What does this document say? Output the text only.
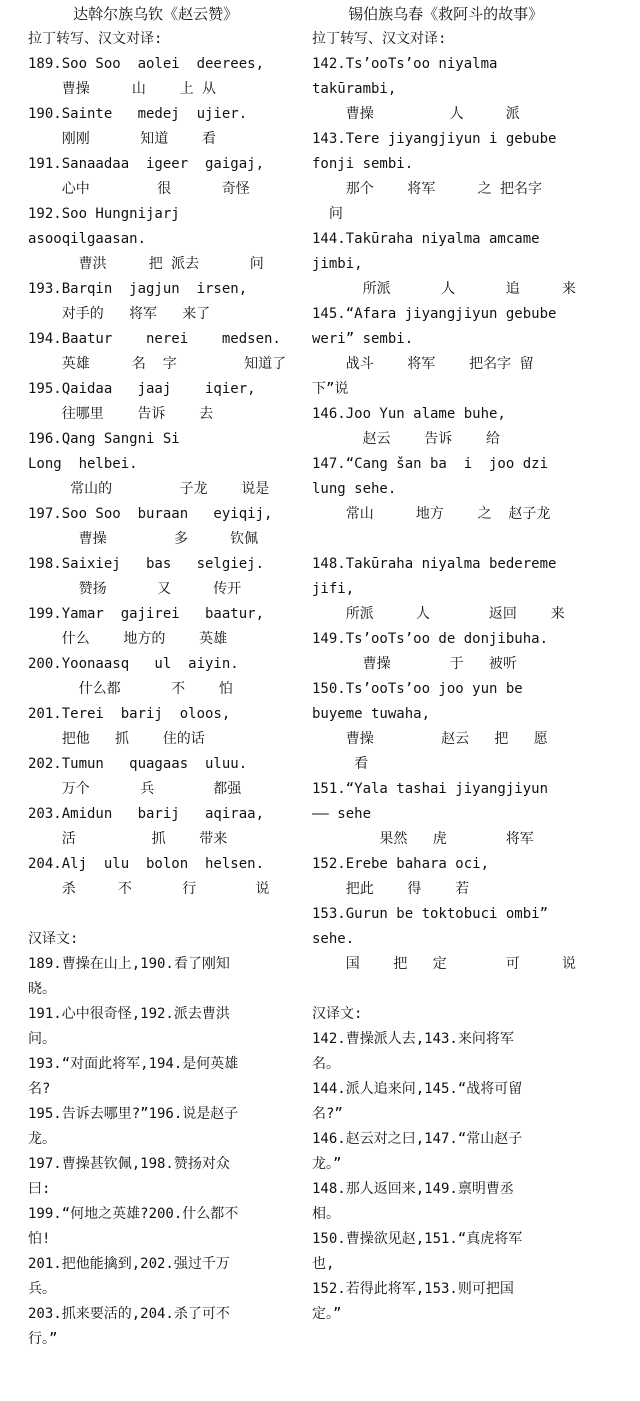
达斡尔族乌钦《赵云赞》
拉丁转写、汉文对译:
189.Soo Soo  aolei  deerees,
曹操     山    上 从
190.Sainte   medej  ujier.
刚刚      知道    看
191.Sanaadaa  igeer  gaigaj,
心中        很      奇怪
192.Soo Hungnijarj
asooqilgaasan.
曹洪     把 派去      问
193.Barqin  jagjun  irsen,
对手的   将军   来了
194.Baatur    nerei    medsen.
英雄     名  字        知道了
195.Qaidaa   jaaj    iqier,
往哪里    告诉    去
196.Qang Sangni Si
Long  helbei.
常山的        子龙    说是
197.Soo Soo  buraan   eyiqij,
曹操        多     钦佩
198.Saixiej   bas   selgiej.
赞扬      又     传开
199.Yamar  gajirei   baatur,
什么    地方的    英雄
200.Yoonaasq   ul  aiyin.
什么都      不    怕
201.Terei  barij  oloos,
把他   抓    住的话
202.Tumun   quagaas  uluu.
万个      兵       都强
203.Amidun   barij   aqiraa,
活         抓    带来
204.Alj  ulu  bolon  helsen.
杀     不      行       说
汉译文:
189.曹操在山上,190.看了刚知
晓。
191.心中很奇怪,192.派去曹洪
问。
193.“对面此将军,194.是何英雄
名?
195.告诉去哪里?”196.说是赵子
龙。
197.曹操甚钦佩,198.赞扬对众
曰:
199.“何地之英雄?200.什么都不
怕!
201.把他能擒到,202.强过千万
兵。
203.抓来要活的,204.杀了可不
行。”
锡伯族乌春《救阿斗的故事》
拉丁转写、汉文对译:
142.Ts’ooTs’oo niyalma
takūrambi,
曹操         人     派
143.Tere jiyangjiyun i gebube
fonji sembi.
那个    将军     之 把名字
问
144.Takūraha niyalma amcame
jimbi,
所派      人      追     来
145.“Afara jiyangjiyun gebube
weri” sembi.
战斗    将军    把名字 留
下”说
146.Joo Yun alame buhe,
赵云    告诉    给
147.“Cang šan ba  i  joo dzi
lung sehe.
常山     地方    之  赵子龙
148.Takūraha niyalma bedereme
jifi,
所派     人       返回    来
149.Ts’ooTs’oo de donjibuha.
曹操       于   被听
150.Ts’ooTs’oo joo yun be
buyeme tuwaha,
曹操        赵云   把   愿
看
151.“Yala tashai jiyangjiyun
—— sehe
果然   虎       将军
152.Erebe bahara oci,
把此    得    若
153.Gurun be toktobuci ombi”
sehe.
国    把   定       可     说
汉译文:
142.曹操派人去,143.来问将军
名。
144.派人追来问,145.“战将可留
名?”
146.赵云对之曰,147.“常山赵子
龙。”
148.那人返回来,149.禀明曹丞
相。
150.曹操欲见赵,151.“真虎将军
也,
152.若得此将军,153.则可把国
定。”
